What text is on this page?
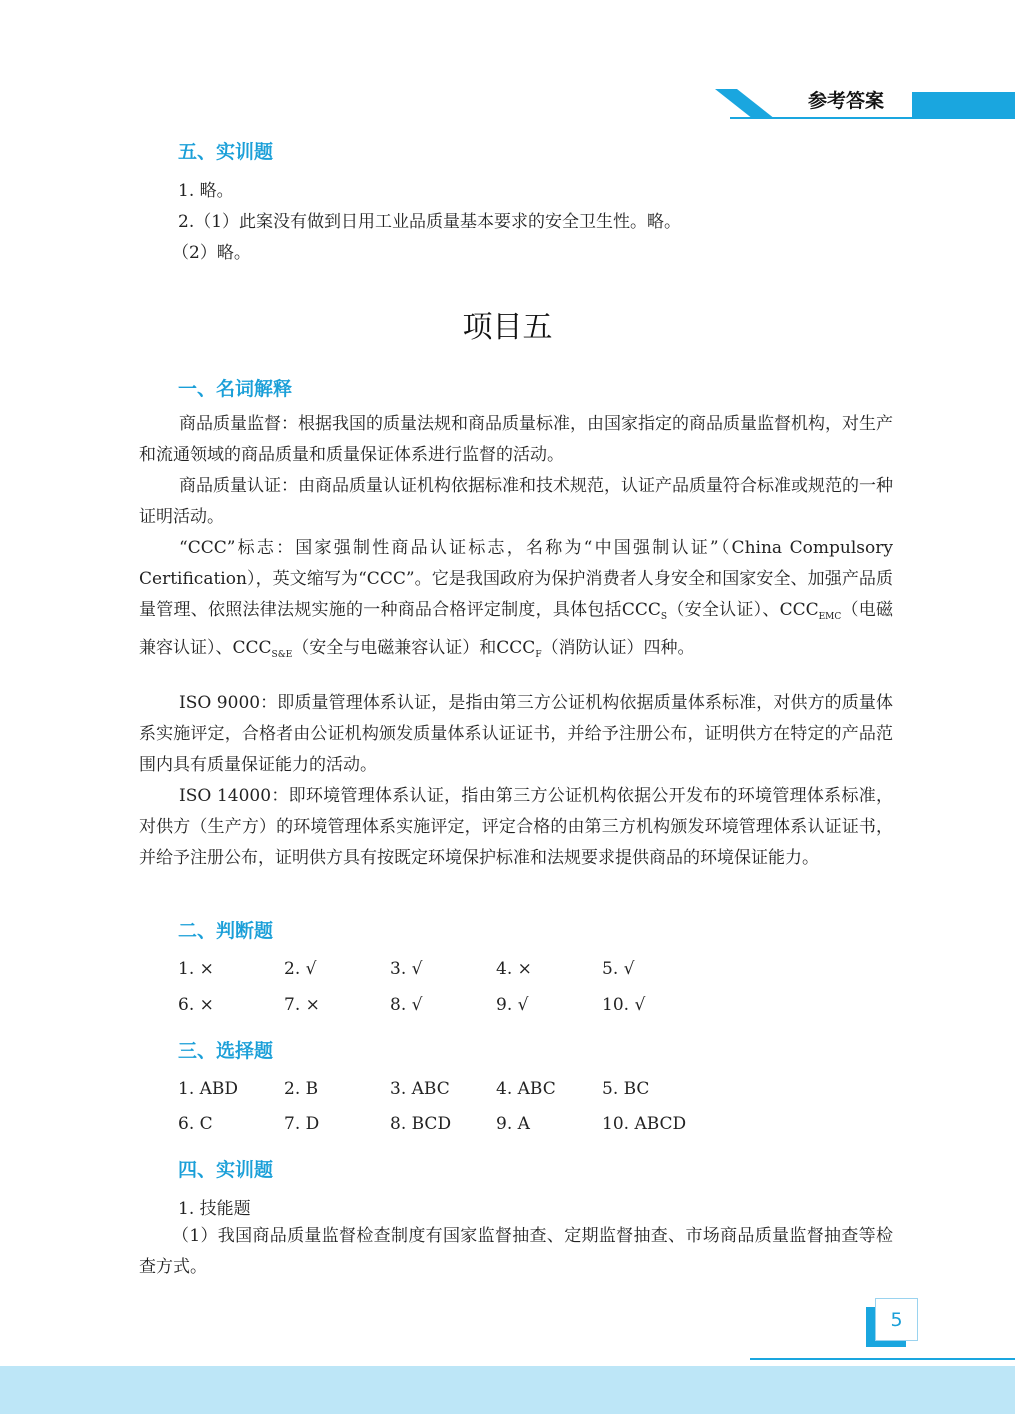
参考答案
五、实训题
1. 略。
2.（1）此案没有做到日用工业品质量基本要求的安全卫生性。略。
（2）略。
项目五
一、名词解释
商品质量监督：根据我国的质量法规和商品质量标准，由国家指定的商品质量监督机构，对生产和流通领域的商品质量和质量保证体系进行监督的活动。
商品质量认证：由商品质量认证机构依据标准和技术规范，认证产品质量符合标准或规范的一种证明活动。
“CCC”标志：国家强制性商品认证标志，名称为“中国强制认证”（China Compulsory Certification），英文缩写为“CCC”。它是我国政府为保护消费者人身安全和国家安全、加强产品质量管理、依照法律法规实施的一种商品合格评定制度，具体包括$CCC_S$（安全认证）、$CCC_{EMC}$（电磁兼容认证）、$CCC_{S\&E}$（安全与电磁兼容认证）和$CCC_F$（消防认证）四种。
ISO 9000：即质量管理体系认证，是指由第三方公证机构依据质量体系标准，对供方的质量体系实施评定，合格者由公证机构颁发质量体系认证证书，并给予注册公布，证明供方在特定的产品范围内具有质量保证能力的活动。
ISO 14000：即环境管理体系认证，指由第三方公证机构依据公开发布的环境管理体系标准，对供方（生产方）的环境管理体系实施评定，评定合格的由第三方机构颁发环境管理体系认证证书，并给予注册公布，证明供方具有按既定环境保护标准和法规要求提供商品的环境保证能力。
二、判断题
1. ×	2. √	3. √	4. ×	5. √
6. ×	7. ×	8. √	9. √	10. √
三、选择题
1. ABD	2. B	3. ABC	4. ABC	5. BC
6. C	7. D	8. BCD	9. A	10. ABCD
四、实训题
1. 技能题
（1）我国商品质量监督检查制度有国家监督抽查、定期监督抽查、市场商品质量监督抽查等检查方式。
5
